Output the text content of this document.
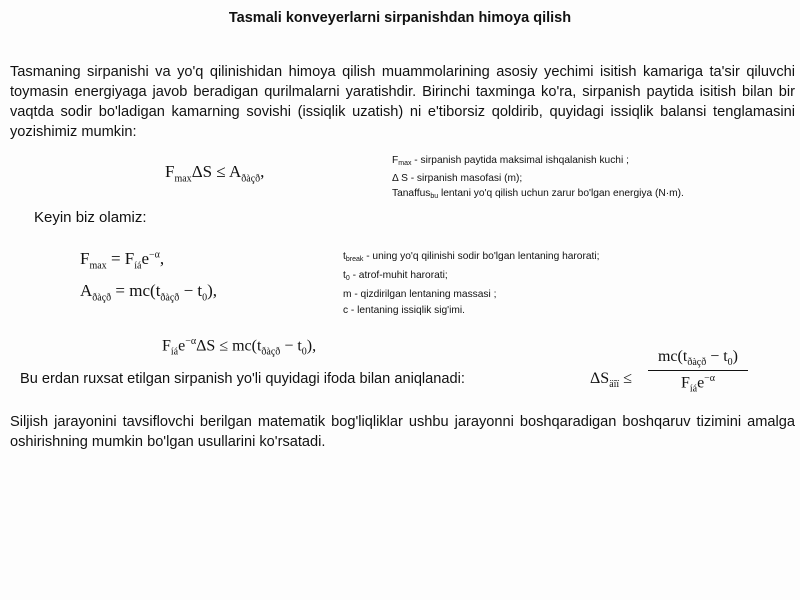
Tasmali konveyerlarni sirpanishdan himoya qilish
Tasmaning sirpanishi va yo'q qilinishidan himoya qilish muammolarining asosiy yechimi isitish kamariga ta'sir qiluvchi toymasin energiyaga javob beradigan qurilmalarni yaratishdir. Birinchi taxminga ko'ra, sirpanish paytida isitish bilan bir vaqtda sodir bo'ladigan kamarning sovishi (issiqlik uzatish) ni e'tiborsiz qoldirib, quyidagi issiqlik balansi tenglamasini yozishimiz mumkin:
$F_{max}\Delta S \le A_{ðàçð}$,
Fmax - sirpanish paytida maksimal ishqalanish kuchi ;
Δ S - sirpanish masofasi (m);
Tanaffusbu lentani yo'q qilish uchun zarur bo'lgan energiya (N·m).
Keyin biz olamiz:
$F_{max} = F_{íá}e^{-\alpha}$,
$A_{ðàçð} = mc(t_{ðàçð} - t_0)$,
tbreak - uning yo'q qilinishi sodir bo'lgan lentaning harorati;
t0 - atrof-muhit harorati;
m - qizdirilgan lentaning massasi ;
c - lentaning issiqlik sig'imi.
$F_{íá}e^{-\alpha}\Delta S \le mc(t_{ðàçð} - t_0)$,
Bu erdan ruxsat etilgan sirpanish yo'li quyidagi ifoda bilan aniqlanadi:	$\Delta S_{äîï}$ ≤
$mc(t_{ðàçð} - t_0)$
$F_{íá}e^{-\alpha}$
Siljish jarayonini tavsiflovchi berilgan matematik bog'liqliklar ushbu jarayonni boshqaradigan boshqaruv tizimini amalga oshirishning mumkin bo'lgan usullarini ko'rsatadi.
